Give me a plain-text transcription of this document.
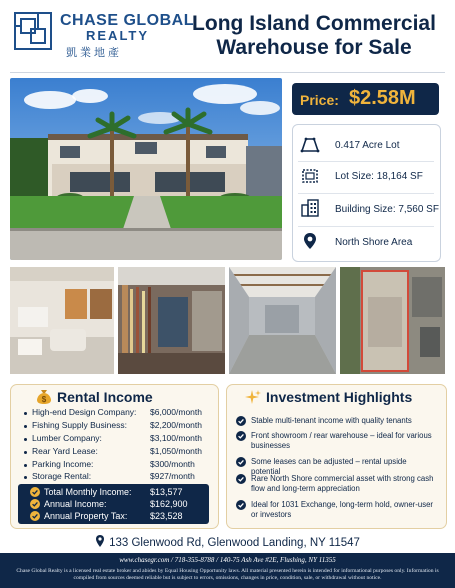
CHASE GLOBAL
REALTY
凱業地產
Long Island Commercial
Warehouse for Sale
Price: $2.58M
0.417 Acre Lot
Lot Size: 18,164 SF
Building Size: 7,560 SF
North Shore Area
$ Rental Income
High-end Design Company: $6,000/month
Fishing Supply Business:	$2,200/month
Lumber Company:	$3,100/month
Rear Yard Lease:	$1,050/month
Parking Income:	$300/month
Storage Rental:	$927/month
Total Monthly Income: $13,577
Annual Income:	$162,900
Annual Property Tax:	$23,528
Investment Highlights
Stable multi-tenant income with quality tenants
Front showroom / rear warehouse – ideal for various businesses
Some leases can be adjusted – rental upside potential
Rare North Shore commercial asset with strong cash flow and long-term appreciation
Ideal for 1031 Exchange, long-term hold, owner-user or investors
133 Glenwood Rd, Glenwood Landing, NY 11547
www.chasegr.com / 718-355-8788 / 140-75 Ash Ave #2E, Flushing, NY 11355
Chase Global Realty is a licensed real estate broker and abides by Equal Housing Opportunity laws. All material presented herein is intended for informational purposes only. Information is compiled from sources deemed reliable but is subject to errors, omissions, changes in price, condition, sale, or withdrawal without notice.
